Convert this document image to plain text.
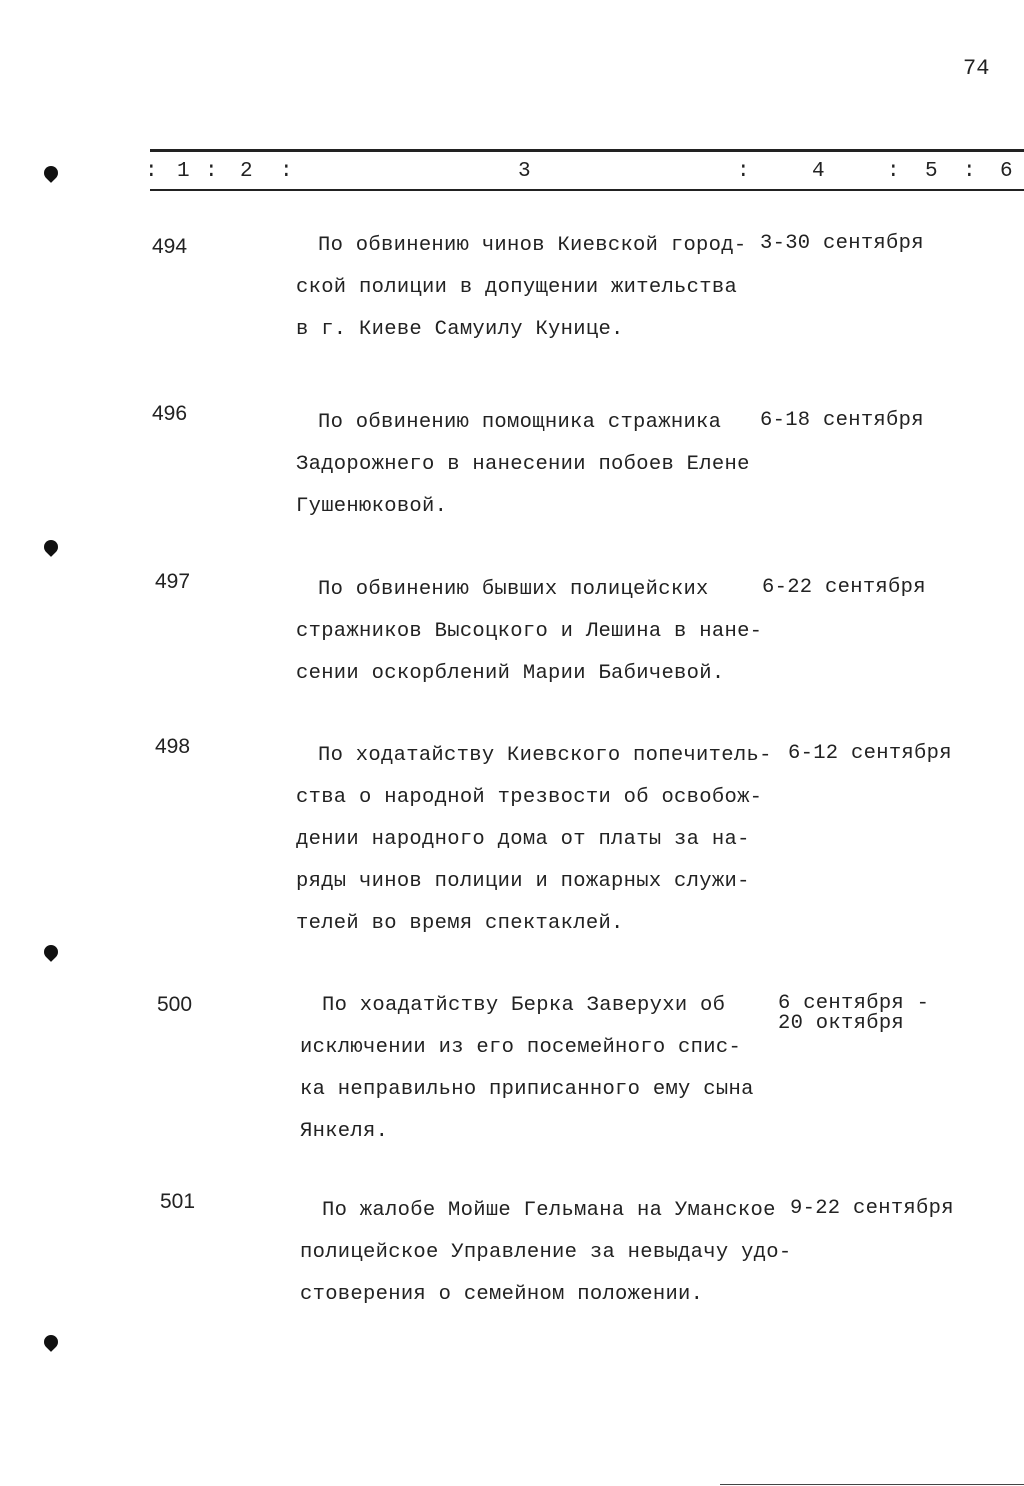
74
: 1 : 2 :	3	:	4	: 5 : 6
494	По обвинению чинов Киевской город-
ской полиции в допущении жительства
в г. Киеве Самуилу Кунице.
3-30 сентября
496	По обвинению помощника стражника
Задорожнего в нанесении побоев Елене
Гушенюковой.
6-18 сентября
497	По обвинению бывших полицейских
стражников Высоцкого и Лешина в нане-
сении оскорблений Марии Бабичевой.
6-22 сентября
498	По ходатайству Киевского попечитель-
ства о народной трезвости об освобож-
дении народного дома от платы за на-
ряды чинов полиции и пожарных служи-
телей во время спектаклей.
6-12 сентября
500	По хоадатйству Берка Заверухи об
исключении из его посемейного спис-
ка неправильно приписанного ему сына
Янкеля.
6 сентября -
20 октября
501	По жалобе Мойше Гельмана на Уманское
полицейское Управление за невыдачу удо-
стоверения о семейном положении.
9-22 сентября
